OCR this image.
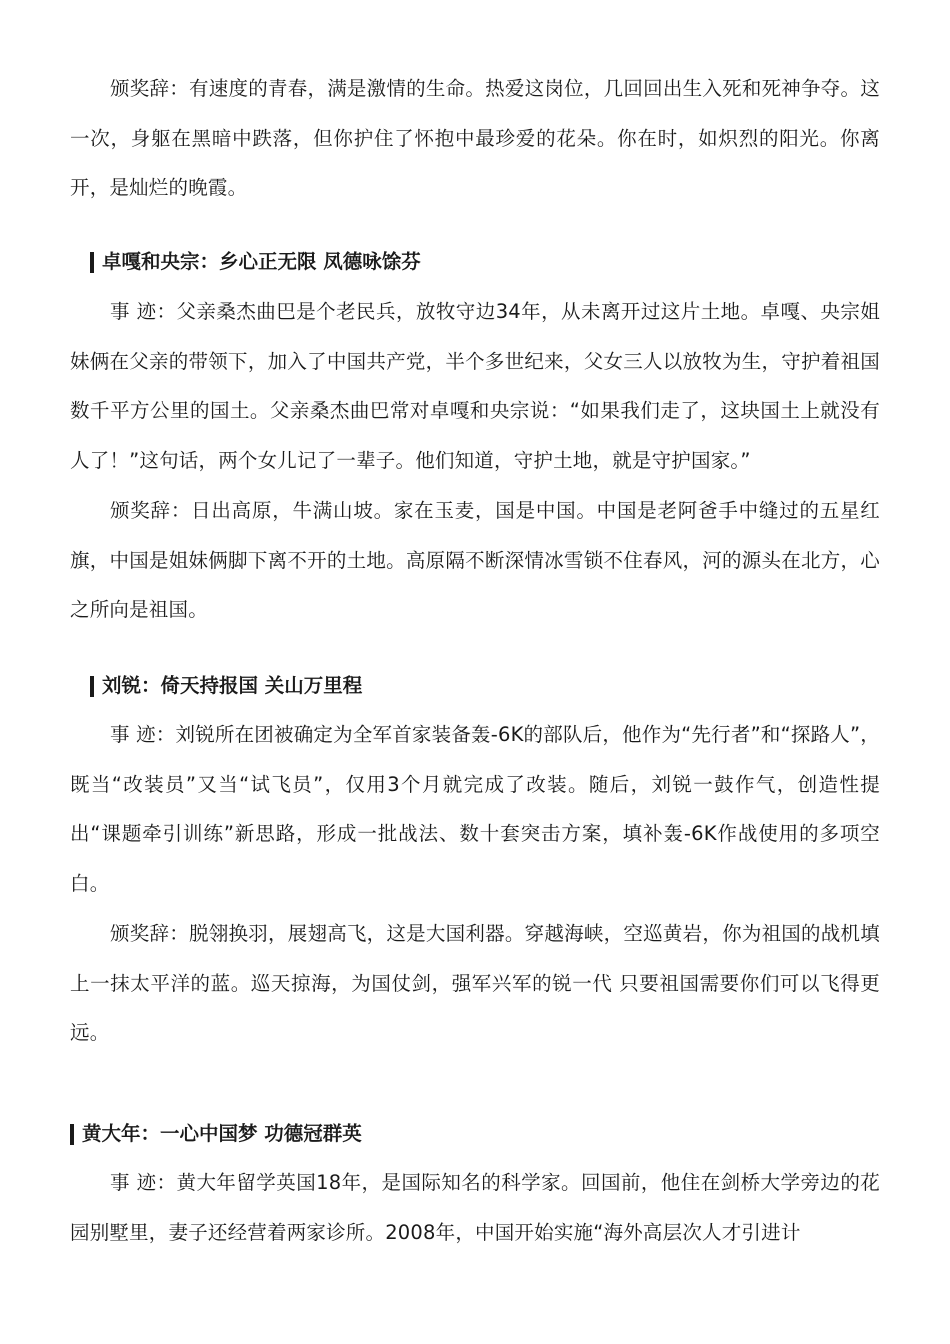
颁奖辞：有速度的青春，满是激情的生命。热爱这岗位，几回回出生入死和死神争夺。这一次，身躯在黑暗中跌落，但你护住了怀抱中最珍爱的花朵。你在时，如炽烈的阳光。你离开，是灿烂的晚霞。

卓嘎和央宗：乡心正无限 凤德咏馀芬

事 迹：父亲桑杰曲巴是个老民兵，放牧守边34年，从未离开过这片土地。卓嘎、央宗姐妹俩在父亲的带领下，加入了中国共产党，半个多世纪来，父女三人以放牧为生，守护着祖国数千平方公里的国土。父亲桑杰曲巴常对卓嘎和央宗说：“如果我们走了，这块国土上就没有人了！”这句话，两个女儿记了一辈子。他们知道，守护土地，就是守护国家。”

颁奖辞：日出高原，牛满山坡。家在玉麦，国是中国。中国是老阿爸手中缝过的五星红旗，中国是姐妹俩脚下离不开的土地。高原隔不断深情冰雪锁不住春风，河的源头在北方，心之所向是祖国。

刘锐：倚天持报国 关山万里程

事 迹：刘锐所在团被确定为全军首家装备轰-6K的部队后，他作为“先行者”和“探路人”，既当“改装员”又当“试飞员”，仅用3个月就完成了改装。随后，刘锐一鼓作气，创造性提出“课题牵引训练”新思路，形成一批战法、数十套突击方案，填补轰-6K作战使用的多项空白。

颁奖辞：脱翎换羽，展翅高飞，这是大国利器。穿越海峡，空巡黄岩，你为祖国的战机填上一抹太平洋的蓝。巡天掠海，为国仗剑，强军兴军的锐一代 只要祖国需要你们可以飞得更远。

黄大年：一心中国梦 功德冠群英

事 迹：黄大年留学英国18年，是国际知名的科学家。回国前，他住在剑桥大学旁边的花园别墅里，妻子还经营着两家诊所。2008年，中国开始实施“海外高层次人才引进计
